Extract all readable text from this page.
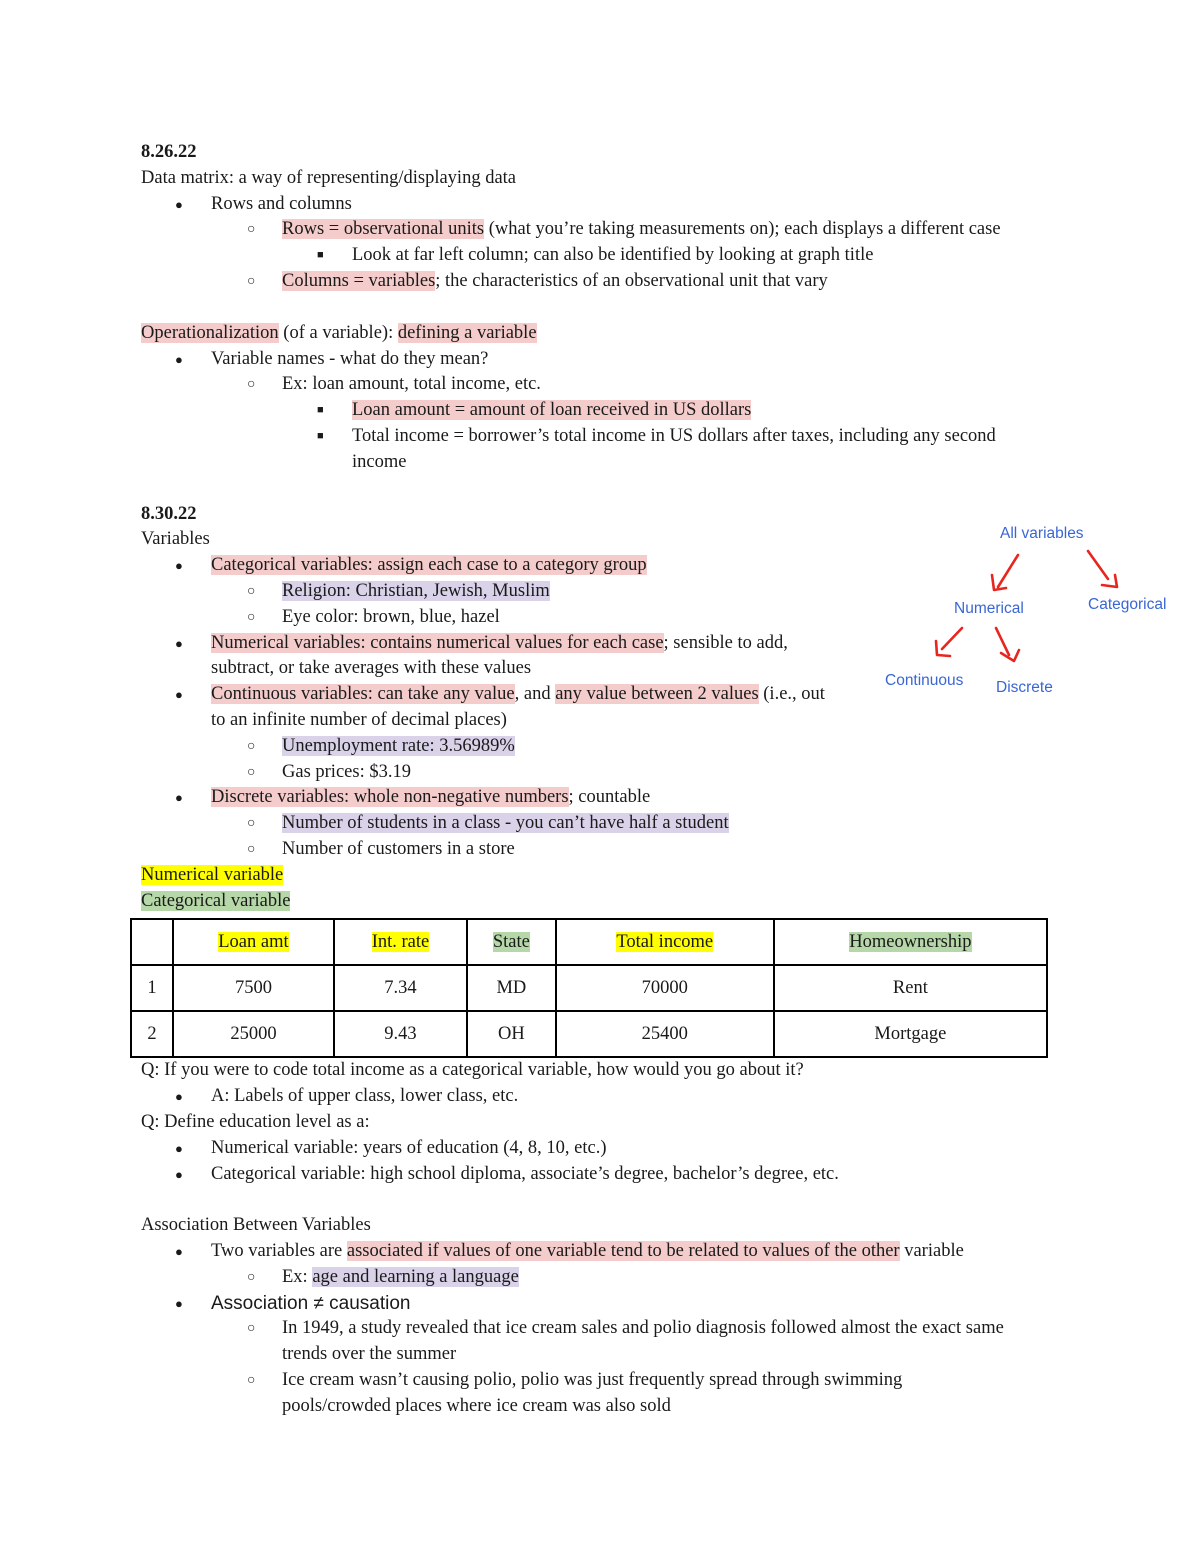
8.26.22
Data matrix: a way of representing/displaying data
● Rows and columns
○ Rows = observational units (what you’re taking measurements on); each displays a different case
■ Look at far left column; can also be identified by looking at graph title
○ Columns = variables; the characteristics of an observational unit that vary
Operationalization (of a variable): defining a variable
● Variable names - what do they mean?
○ Ex: loan amount, total income, etc.
■ Loan amount = amount of loan received in US dollars
■ Total income = borrower’s total income in US dollars after taxes, including any second
income
8.30.22
Variables
● Categorical variables: assign each case to a category group
○ Religion: Christian, Jewish, Muslim
○ Eye color: brown, blue, hazel
● Numerical variables: contains numerical values for each case; sensible to add,
subtract, or take averages with these values
● Continuous variables: can take any value, and any value between 2 values (i.e., out
to an infinite number of decimal places)
○ Unemployment rate: 3.56989%
○ Gas prices: $3.19
● Discrete variables: whole non-negative numbers; countable
○ Number of students in a class - you can’t have half a student
○ Number of customers in a store
Numerical variable
Categorical variable
	Loan amt	Int. rate	State	Total income	Homeownership
1	7500	7.34	MD	70000	Rent
2	25000	9.43	OH	25400	Mortgage
Q: If you were to code total income as a categorical variable, how would you go about it?
● A: Labels of upper class, lower class, etc.
Q: Define education level as a:
● Numerical variable: years of education (4, 8, 10, etc.)
● Categorical variable: high school diploma, associate’s degree, bachelor’s degree, etc.
Association Between Variables
● Two variables are associated if values of one variable tend to be related to values of the other variable
○ Ex: age and learning a language
● Association ≠ causation
○ In 1949, a study revealed that ice cream sales and polio diagnosis followed almost the exact same
trends over the summer
○ Ice cream wasn’t causing polio, polio was just frequently spread through swimming
pools/crowded places where ice cream was also sold
All variables
Numerical	Categorical
Continuous Discrete
